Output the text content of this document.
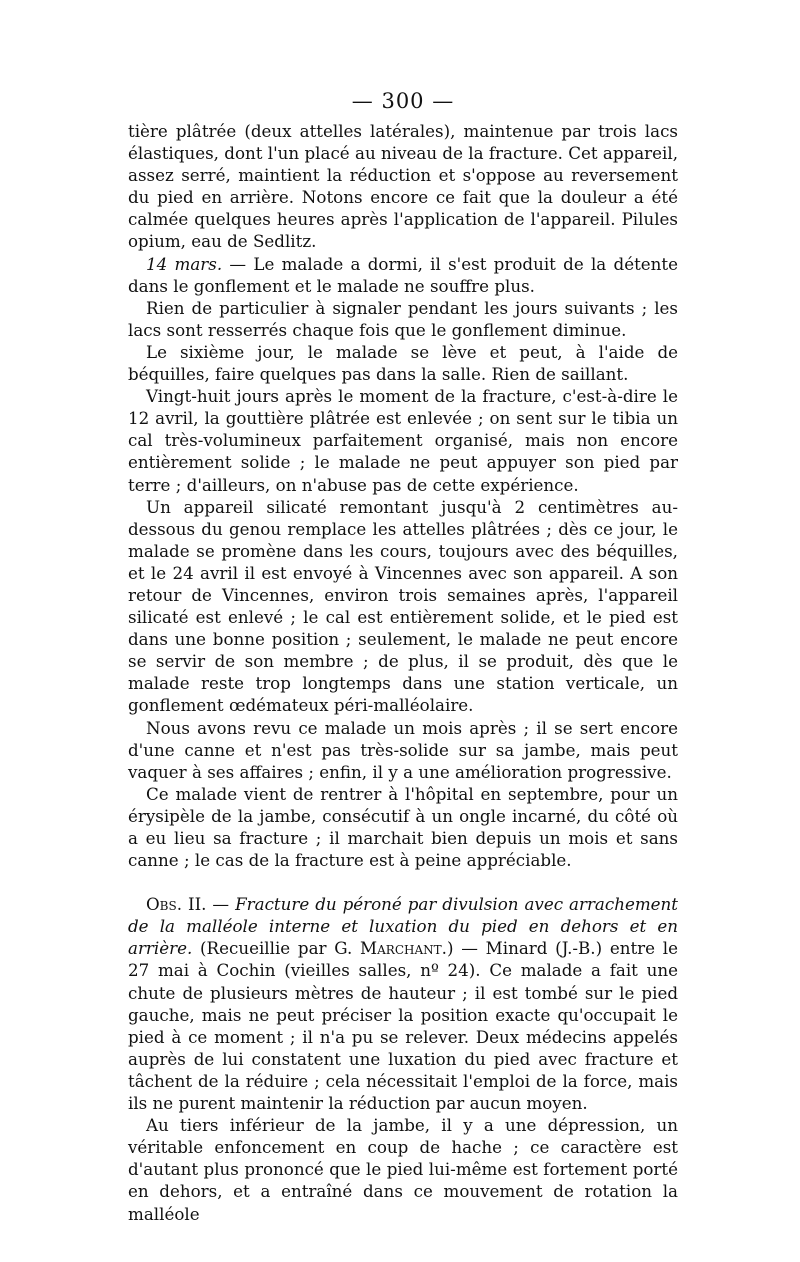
— 300 —

tière plâtrée (deux attelles latérales), maintenue par trois lacs élastiques, dont l'un placé au niveau de la fracture. Cet appareil, assez serré, maintient la réduction et s'oppose au reversement du pied en arrière. Notons encore ce fait que la douleur a été calmée quelques heures après l'application de l'appareil. Pilules opium, eau de Sedlitz.

14 mars. — Le malade a dormi, il s'est produit de la détente dans le gonflement et le malade ne souffre plus.

Rien de particulier à signaler pendant les jours suivants ; les lacs sont resserrés chaque fois que le gonflement diminue.

Le sixième jour, le malade se lève et peut, à l'aide de béquilles, faire quelques pas dans la salle. Rien de saillant.

Vingt-huit jours après le moment de la fracture, c'est-à-dire le 12 avril, la gouttière plâtrée est enlevée ; on sent sur le tibia un cal très-volumineux parfaitement organisé, mais non encore entièrement solide ; le malade ne peut appuyer son pied par terre ; d'ailleurs, on n'abuse pas de cette expérience.

Un appareil silicaté remontant jusqu'à 2 centimètres au-dessous du genou remplace les attelles plâtrées ; dès ce jour, le malade se promène dans les cours, toujours avec des béquilles, et le 24 avril il est envoyé à Vincennes avec son appareil. A son retour de Vincennes, environ trois semaines après, l'appareil silicaté est enlevé ; le cal est entièrement solide, et le pied est dans une bonne position ; seulement, le malade ne peut encore se servir de son membre ; de plus, il se produit, dès que le malade reste trop longtemps dans une station verticale, un gonflement œdémateux péri-malléolaire.

Nous avons revu ce malade un mois après ; il se sert encore d'une canne et n'est pas très-solide sur sa jambe, mais peut vaquer à ses affaires ; enfin, il y a une amélioration progressive.

Ce malade vient de rentrer à l'hôpital en septembre, pour un érysipèle de la jambe, consécutif à un ongle incarné, du côté où a eu lieu sa fracture ; il marchait bien depuis un mois et sans canne ; le cas de la fracture est à peine appréciable.

Obs. II. — Fracture du péroné par divulsion avec arrachement de la malléole interne et luxation du pied en dehors et en arrière. (Recueillie par G. Marchant.) — Minard (J.-B.) entre le 27 mai à Cochin (vieilles salles, nº 24). Ce malade a fait une chute de plusieurs mètres de hauteur ; il est tombé sur le pied gauche, mais ne peut préciser la position exacte qu'occupait le pied à ce moment ; il n'a pu se relever. Deux médecins appelés auprès de lui constatent une luxation du pied avec fracture et tâchent de la réduire ; cela nécessitait l'emploi de la force, mais ils ne purent maintenir la réduction par aucun moyen.

Au tiers inférieur de la jambe, il y a une dépression, un véritable enfoncement en coup de hache ; ce caractère est d'autant plus prononcé que le pied lui-même est fortement porté en dehors, et a entraîné dans ce mouvement de rotation la malléole
